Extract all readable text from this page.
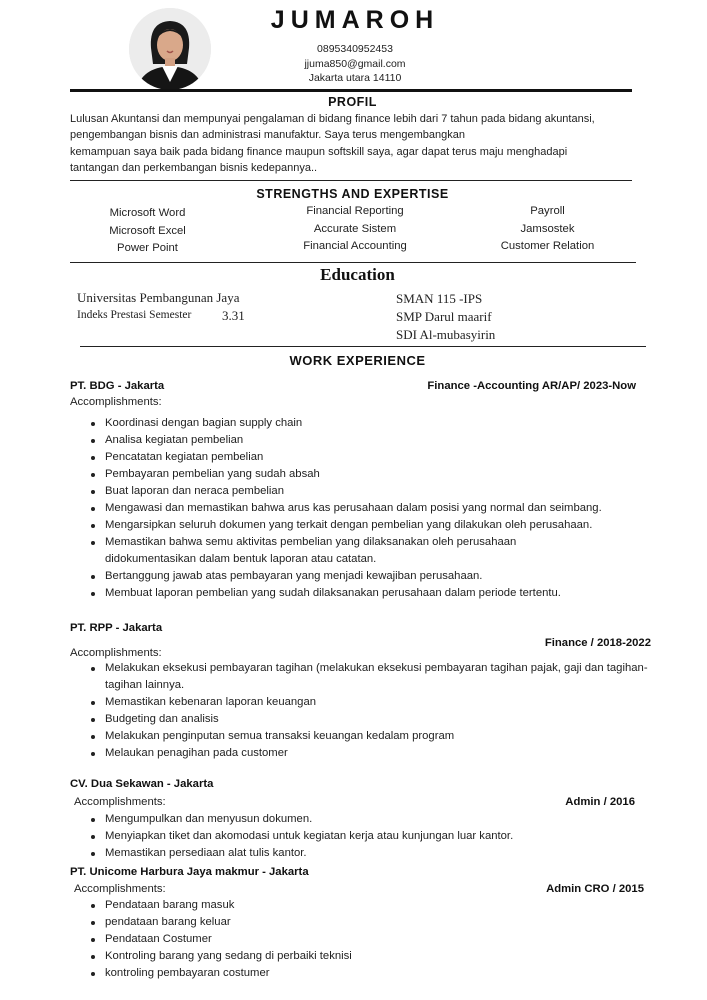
JUMAROH
0895340952453
jjuma850@gmail.com
Jakarta utara 14110
PROFIL
Lulusan Akuntansi dan mempunyai pengalaman di bidang finance lebih dari 7 tahun pada bidang akuntansi,
pengembangan bisnis dan administrasi manufaktur. Saya terus mengembangkan
kemampuan saya baik pada bidang finance maupun softskill saya, agar dapat terus maju menghadapi
tantangan dan perkembangan bisnis kedepannya..
STRENGTHS AND EXPERTISE
Microsoft Word
Microsoft Excel
Power Point
Financial Reporting
Accurate Sistem
Financial Accounting
Payroll
Jamsostek
Customer Relation
Education
Universitas Pembangunan Jaya
Indeks Prestasi Semester 3.31
SMAN 115 -IPS
SMP Darul maarif
SDI Al-mubasyirin
WORK EXPERIENCE
PT. BDG - Jakarta	Finance -Accounting AR/AP/ 2023-Now
Accomplishments:
Koordinasi dengan bagian supply chain
Analisa kegiatan pembelian
Pencatatan kegiatan pembelian
Pembayaran pembelian yang sudah absah
Buat laporan dan neraca pembelian
Mengawasi dan memastikan bahwa arus kas perusahaan dalam posisi yang normal dan seimbang.
Mengarsipkan seluruh dokumen yang terkait dengan pembelian yang dilakukan oleh perusahaan.
Memastikan bahwa semu aktivitas pembelian yang dilaksanakan oleh perusahaan didokumentasikan dalam bentuk laporan atau catatan.
Bertanggung jawab atas pembayaran yang menjadi kewajiban perusahaan.
Membuat laporan pembelian yang sudah dilaksanakan perusahaan dalam periode tertentu.
PT. RPP - Jakarta
Finance / 2018-2022
Accomplishments:
Melakukan eksekusi pembayaran tagihan (melakukan eksekusi pembayaran tagihan pajak, gaji dan tagihan-tagihan lainnya.
Memastikan kebenaran laporan keuangan
Budgeting dan analisis
Melakukan penginputan semua transaksi keuangan kedalam program
Melaukan penagihan pada customer
CV. Dua Sekawan - Jakarta
Admin / 2016
Accomplishments:
Mengumpulkan dan menyusun dokumen.
Menyiapkan tiket dan akomodasi untuk kegiatan kerja atau kunjungan luar kantor.
Memastikan persediaan alat tulis kantor.
PT. Unicome Harbura Jaya makmur - Jakarta
Admin CRO / 2015
Accomplishments:
Pendataan barang masuk
pendataan barang keluar
Pendataan Costumer
Kontroling barang yang sedang di perbaiki teknisi
kontroling pembayaran costumer
